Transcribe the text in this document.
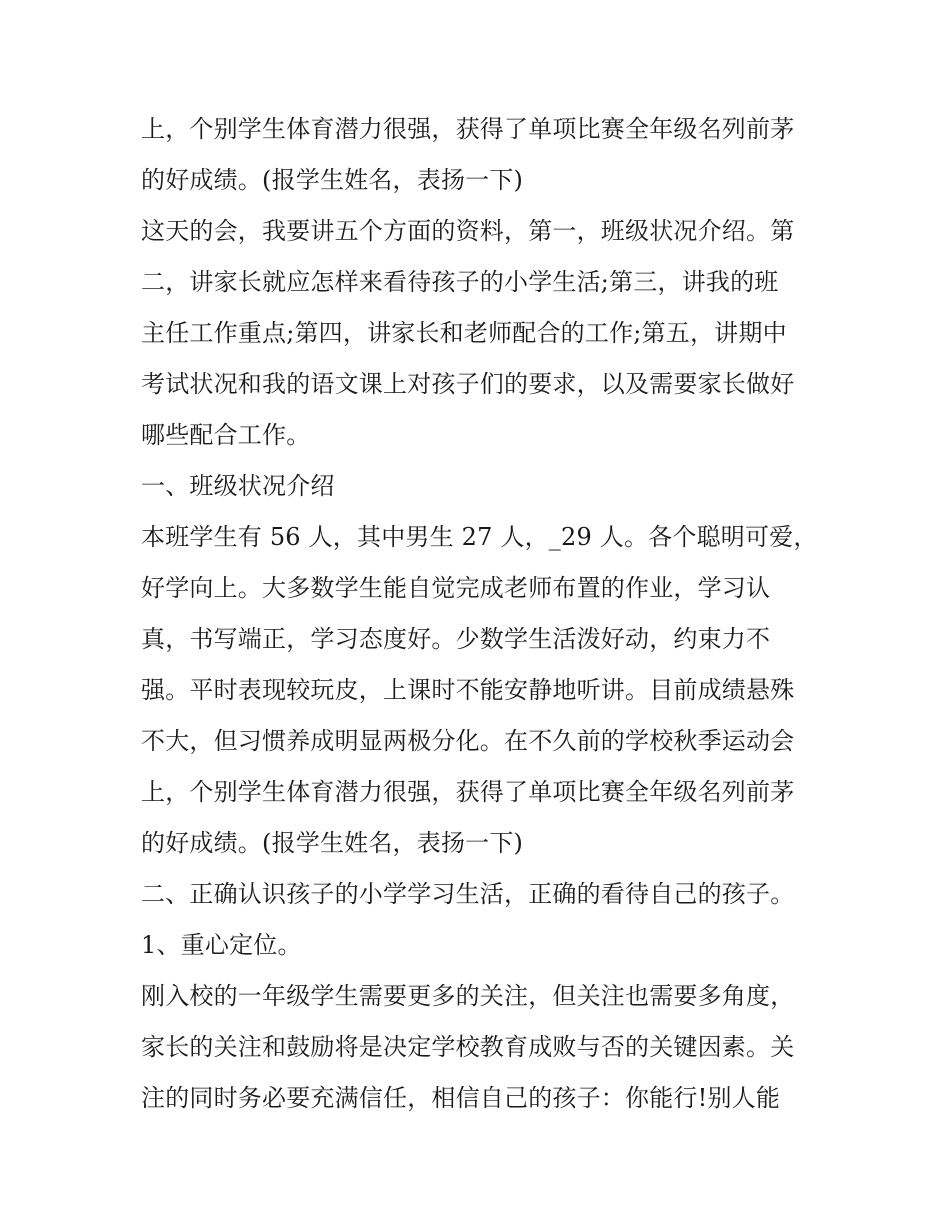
上，个别学生体育潜力很强，获得了单项比赛全年级名列前茅
的好成绩。(报学生姓名，表扬一下)
这天的会，我要讲五个方面的资料，第一，班级状况介绍。第
二，讲家长就应怎样来看待孩子的小学生活;第三，讲我的班
主任工作重点;第四，讲家长和老师配合的工作;第五，讲期中
考试状况和我的语文课上对孩子们的要求，以及需要家长做好
哪些配合工作。
一、班级状况介绍
本班学生有 56 人，其中男生 27 人，_29 人。各个聪明可爱，
好学向上。大多数学生能自觉完成老师布置的作业，学习认
真，书写端正，学习态度好。少数学生活泼好动，约束力不
强。平时表现较玩皮，上课时不能安静地听讲。目前成绩悬殊
不大，但习惯养成明显两极分化。在不久前的学校秋季运动会
上，个别学生体育潜力很强，获得了单项比赛全年级名列前茅
的好成绩。(报学生姓名，表扬一下)
二、正确认识孩子的小学学习生活，正确的看待自己的孩子。
1、重心定位。
刚入校的一年级学生需要更多的关注，但关注也需要多角度，
家长的关注和鼓励将是决定学校教育成败与否的关键因素。关
注的同时务必要充满信任，相信自己的孩子：你能行!别人能
